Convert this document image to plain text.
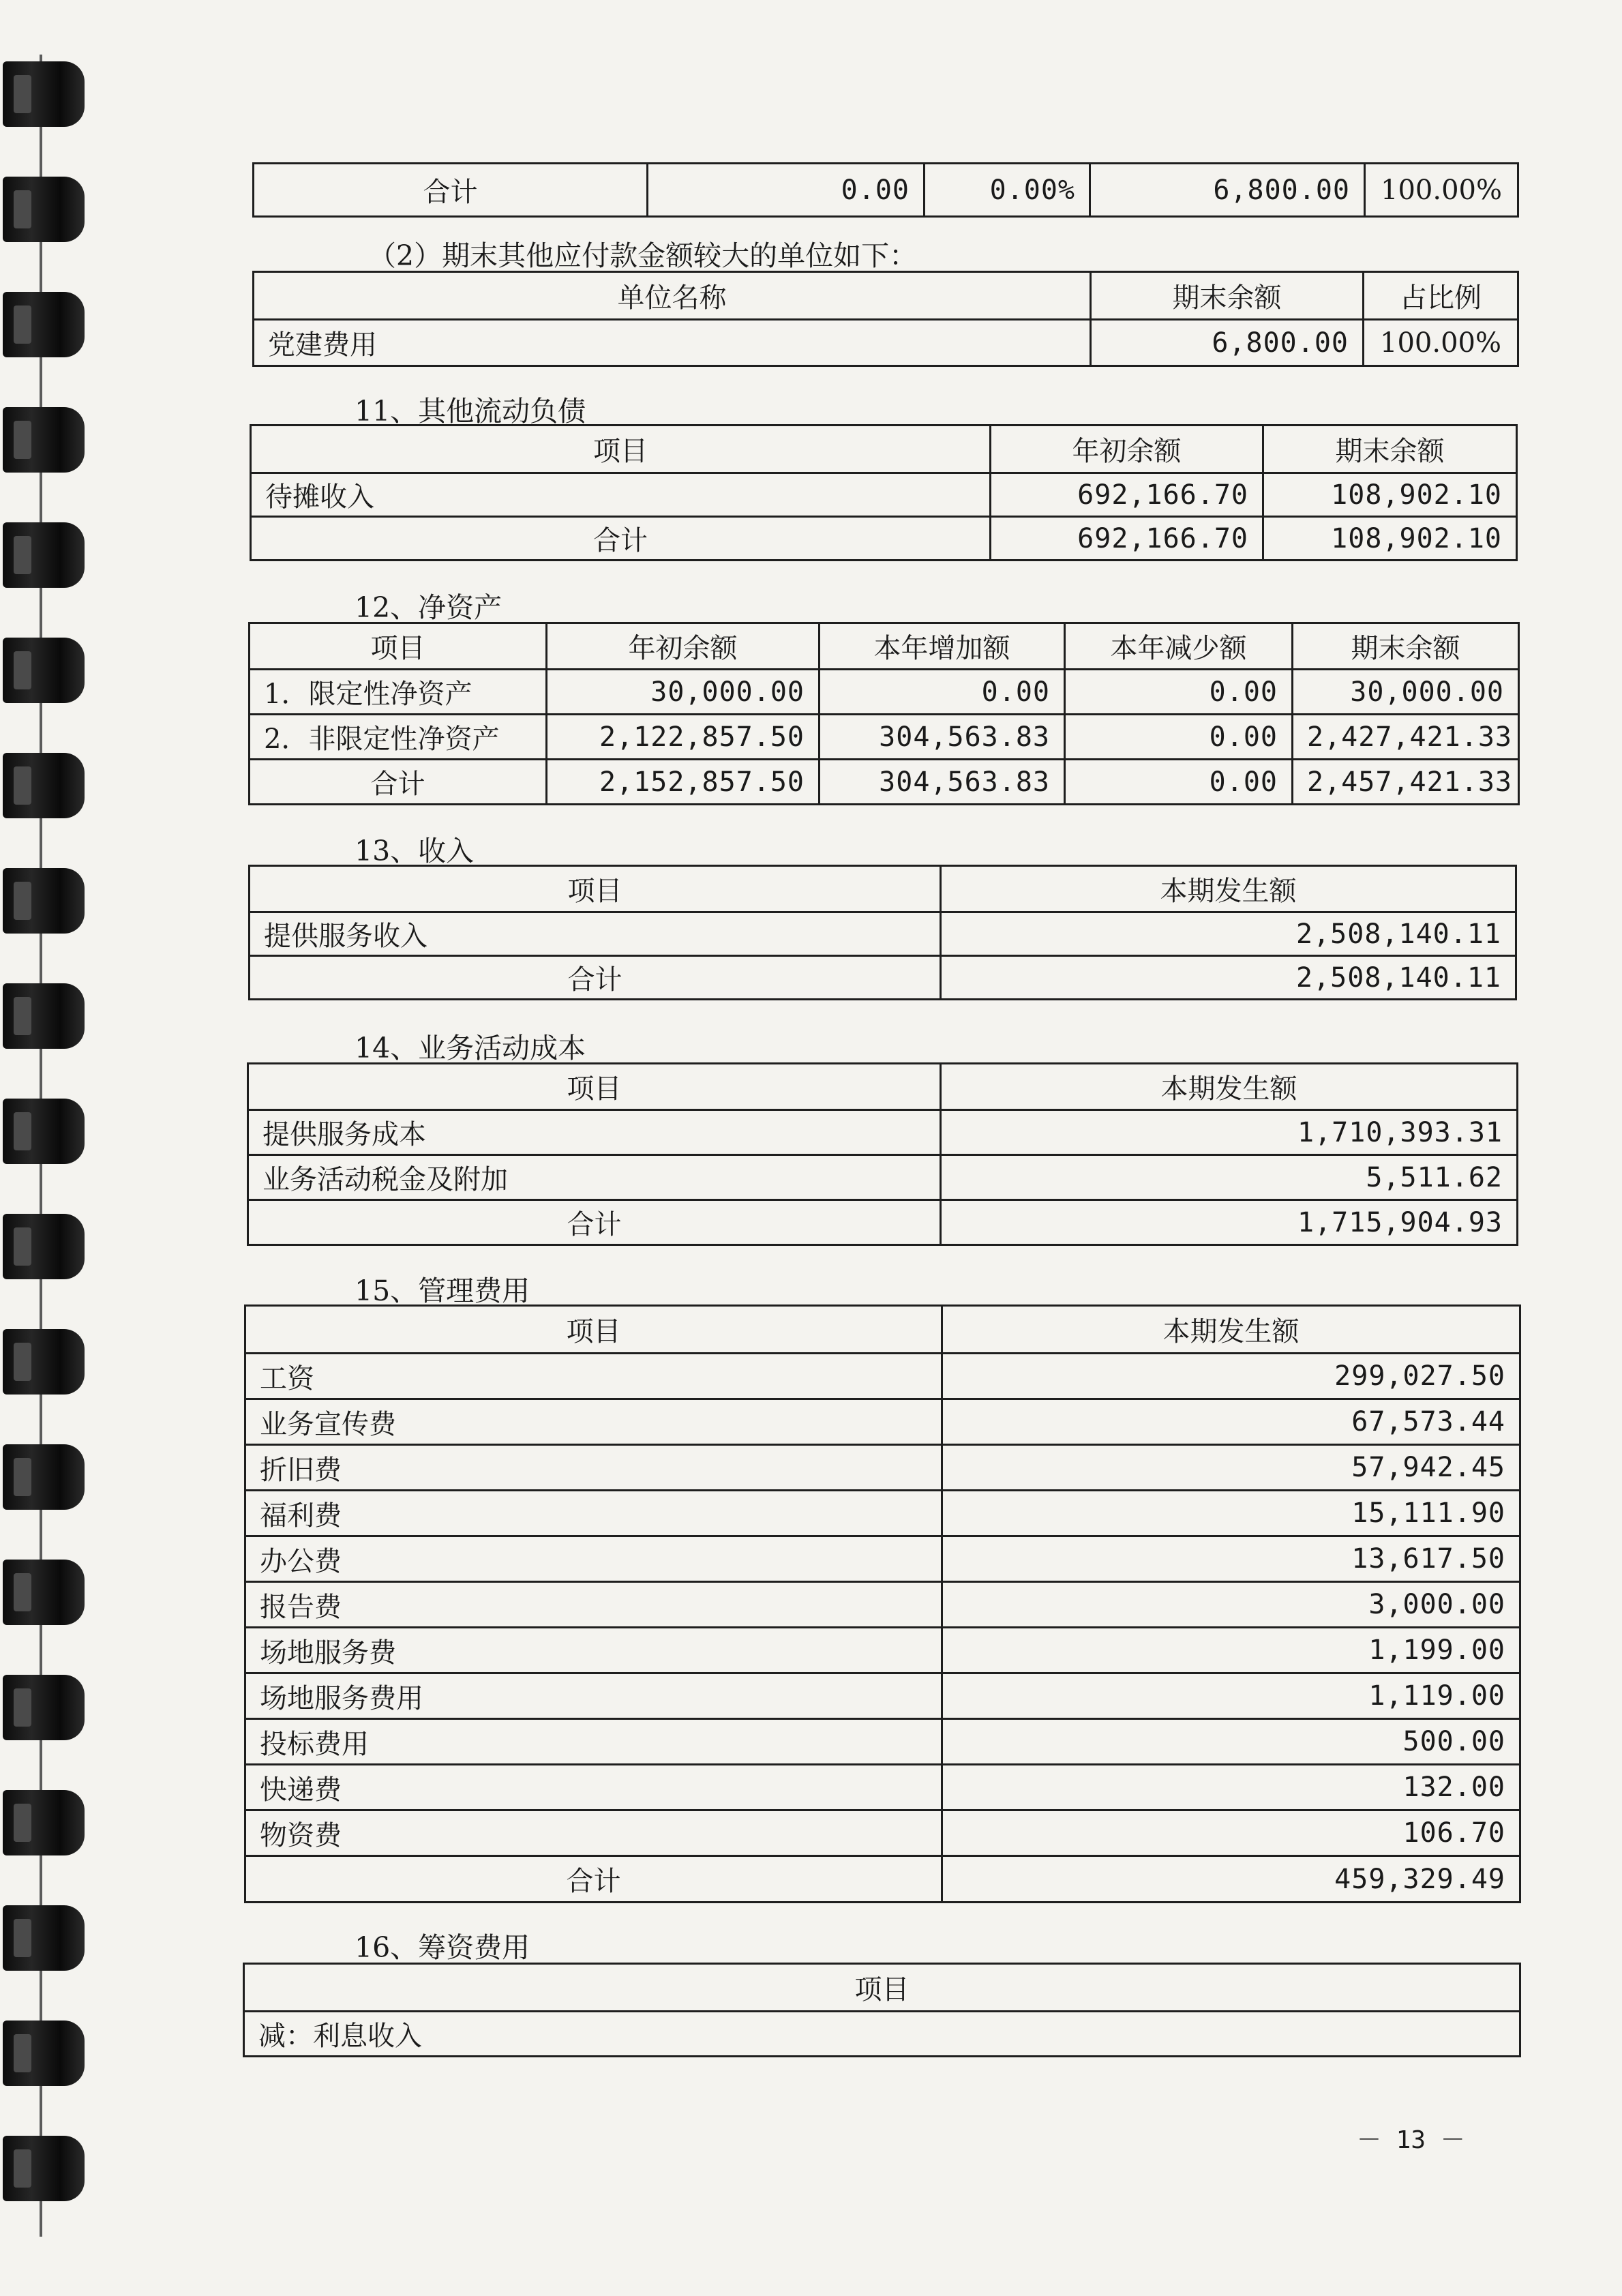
合计	0.00	0.00%	6,800.00	100.00%
（2）期末其他应付款金额较大的单位如下：
单位名称	期末余额	占比例
党建费用	6,800.00	100.00%
11、其他流动负债
项目	年初余额	期末余额
待摊收入	692,166.70	108,902.10
合计	692,166.70	108,902.10
12、净资产
项目	年初余额	本年增加额	本年减少额	期末余额
1．限定性净资产	30,000.00	0.00	0.00	30,000.00
2．非限定性净资产	2,122,857.50	304,563.83	0.00	2,427,421.33
合计	2,152,857.50	304,563.83	0.00	2,457,421.33
13、收入
项目	本期发生额
提供服务收入	2,508,140.11
合计	2,508,140.11
14、业务活动成本
项目	本期发生额
提供服务成本	1,710,393.31
业务活动税金及附加	5,511.62
合计	1,715,904.93
15、管理费用
项目	本期发生额
工资	299,027.50
业务宣传费	67,573.44
折旧费	57,942.45
福利费	15,111.90
办公费	13,617.50
报告费	3,000.00
场地服务费	1,199.00
场地服务费用	1,119.00
投标费用	500.00
快递费	132.00
物资费	106.70
合计	459,329.49
16、筹资费用
项目
减：利息收入
－ 13 －
